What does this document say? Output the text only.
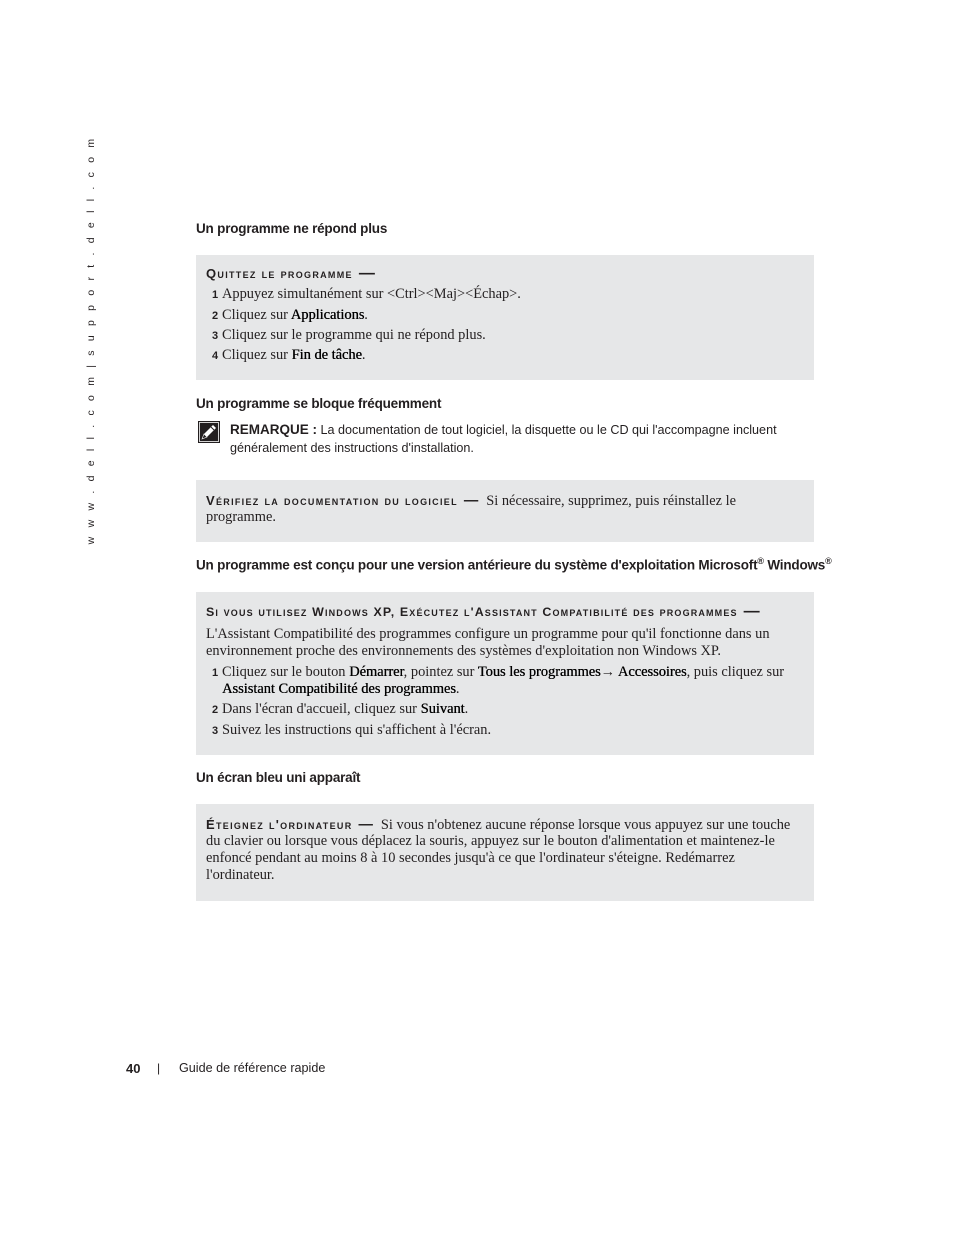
w w w . d e l l . c o m | s u p p o r t . d e l l . c o m	Un programme ne répond plus
Quittez le programme —
1 Appuyez simultanément sur <Ctrl><Maj><Échap>.
2 Cliquez sur Applications.
3 Cliquez sur le programme qui ne répond plus.
4 Cliquez sur Fin de tâche.
Un programme se bloque fréquemment
REMARQUE : La documentation de tout logiciel, la disquette ou le CD qui l'accompagne incluent
généralement des instructions d'installation.
Vérifiez la documentation du logiciel — Si nécessaire, supprimez, puis réinstallez le
programme.
Un programme est conçu pour une version antérieure du système d'exploitation Microsoft® Windows®
Si vous utilisez Windows XP, Exécutez l'Assistant Compatibilité des programmes —
L'Assistant Compatibilité des programmes configure un programme pour qu'il fonctionne dans un
environnement proche des environnements des systèmes d'exploitation non Windows XP.
1 Cliquez sur le bouton Démarrer, pointez sur Tous les programmes→ Accessoires, puis cliquez sur
Assistant Compatibilité des programmes.
2 Dans l'écran d'accueil, cliquez sur Suivant.
3 Suivez les instructions qui s'affichent à l'écran.
Un écran bleu uni apparaît
Éteignez l'ordinateur — Si vous n'obtenez aucune réponse lorsque vous appuyez sur une touche
du clavier ou lorsque vous déplacez la souris, appuyez sur le bouton d'alimentation et maintenez-le
enfoncé pendant au moins 8 à 10 secondes jusqu'à ce que l'ordinateur s'éteigne. Redémarrez
l'ordinateur.
40 | Guide de référence rapide
